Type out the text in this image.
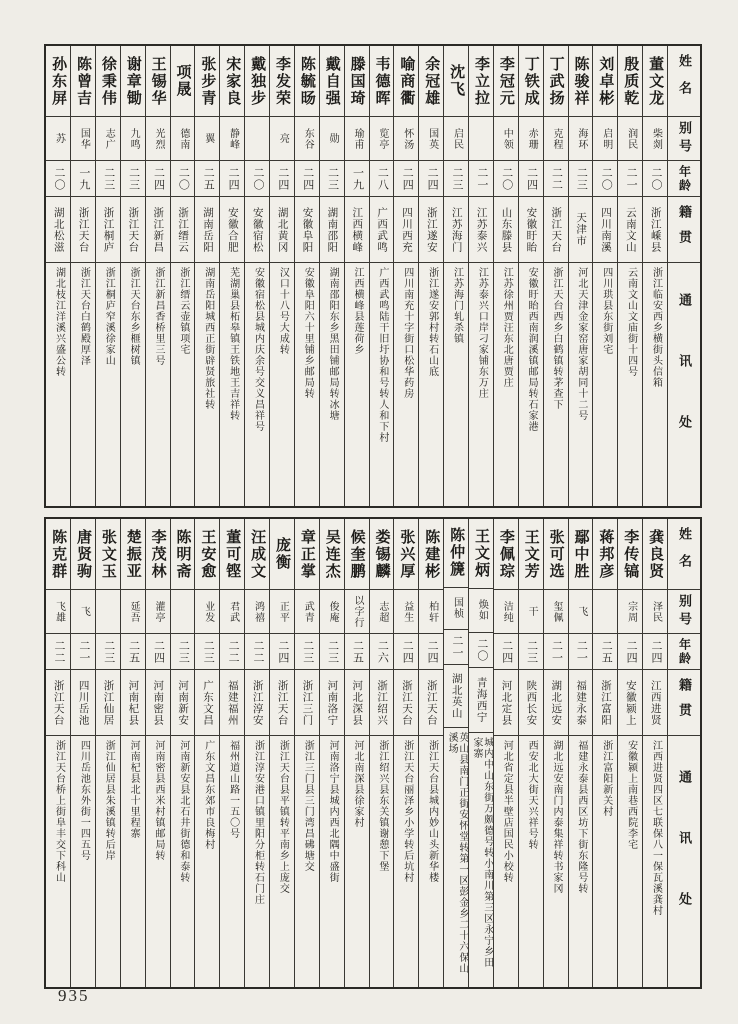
姓名
别号
年龄
籍贯
通讯处
董文龙
柴剡
二〇
浙江嵊县
浙江临安西乡横街头信箱
殷质乾
润民
二一
云南文山
云南文山文庙街十四号
刘卓彬
启明
二〇
四川南溪
四川珙县东街刘宅
陈骏祥
海环
二三
天津市
河北天津金家窑唐家胡同十二号
丁武扬
克程
二二
浙江天台
浙江天台西乡白鹤镇转茅查下
丁铁成
赤珊
二四
安徽盱眙
安徽盱眙西南润溪镇邮局转石家港
李冠元
中领
二〇
山东滕县
江苏徐州贾汪东北唐贾庄
李立拉
二一
江苏泰兴
江苏泰兴口岸刁家铺东万庄
沈飞
启民
二三
江苏海门
江苏海门轧杀镇
余冠雄
国英
二四
浙江遂安
浙江遂安郭村转石山底
喻商衢
怀汤
二四
四川西充
四川南充十字街口松华药房
韦德晖
览亭
二八
广西武鸣
广西武鸣陆干旧圩协和号转人和下村
滕国琦
瑜甫
一九
江西横峰
江西横峰县莲荷乡
戴自强
勋
二三
湖南邵阳
湖南邵阳东乡黑田铺邮局转冰塘
陈毓旸
东谷
二四
安徽阜阳
安徽阜阳六十里铺乡邮局转
李发荣
亮
二四
湖北黄冈
汉口十八号大成转
戴独步
二〇
安徽宿松
安徽宿松县城内庆余号交义昌祥号
宋家良
静峰
二四
安徽合肥
芜湖巢县柘皋镇王铁地王吉祥转
张步青
翼
二五
湖南岳阳
湖南岳阳城西正街辟贤旅社转
项晟
德南
二〇
浙江缙云
浙江缙云壶镇项宅
王锡华
光烈
二四
浙江新昌
浙江新昌香桥里三号
谢章锄
九鸣
二三
浙江天台
浙江天台东乡榧树镇
徐秉伟
志广
二三
浙江桐庐
浙江桐庐窄溪徐家山
陈曾吉
国华
一九
浙江天台
浙江天台白鹤殿厚泽
孙东屏
苏
二〇
湖北松滋
湖北枝江洋溪兴盛公转
姓名
别号
年龄
籍贯
通讯处
龚良贤
泽民
二四
江西进贤
江西进贤四区七联保八一保瓦溪龚村
李传镐
宗周
二四
安徽颍上
安徽颍上南巷西院李宅
蒋邦彦
二五
浙江富阳
浙江富阳新关村
鄢中胜
飞
二一
福建永泰
福建永泰县西区坊下街东隆号转
张可选
玺佩
二一
湖北远安
湖北远安南门内泰集祥转书家冈
王文芳
干
二三
陕西长安
西安北大街天兴祥号转
李佩琮
洁纯
二四
河北定县
河北省定县半壁店国民小校转
王文炳
焕如
二〇
青海西宁
城内中山东街万颇德号转小南川第三区永宁乡田家寨
陈仲篪
国桢
二一
湖北英山
英山县南门正街安怀堂转第一区彭金乡二十六保山溪场
陈建彬
柏轩
二四
浙江天台
浙江天台县城内妙山头新华楼
张兴厚
益生
二四
浙江天台
浙江天台丽泽乡小学转后坑村
娄锡麟
志超
二六
浙江绍兴
浙江绍兴县东关镇谢憩下堡
候奎鹏
以字行
二五
河北深县
河北南深县徐家村
吴连杰
俊庵
二三
河南洛宁
河南洛宁县城内西北隅中盛街
章正掌
武青
二三
浙江三门
浙江三门县三门湾昌砩塘交
庞衡
正平
二四
浙江天台
浙江天台县平镇转平南乡上庞交
汪成文
鸿禧
二二
浙江淳安
浙江淳安港口镇里阳分柜转石门庄
董可铿
君武
二二
福建福州
福州道山路一五〇号
王安愈
业发
二三
广东文昌
广东文昌东郊市良梅村
陈明斋
二三
河南新安
河南新安县北石井街德和泰转
李茂林
灌亭
二四
河南密县
河南密县西米村镇邮局转
楚振亚
延吾
二五
河南杞县
河南杞县北十里程寨
张文玉
二三
浙江仙居
浙江仙居县朱溪镇转后岸
唐贤驹
飞
二一
四川岳池
四川岳池东外街一四五号
陈克群
飞雄
二二
浙江天台
浙江天台桥上街阜丰交下科山
935
